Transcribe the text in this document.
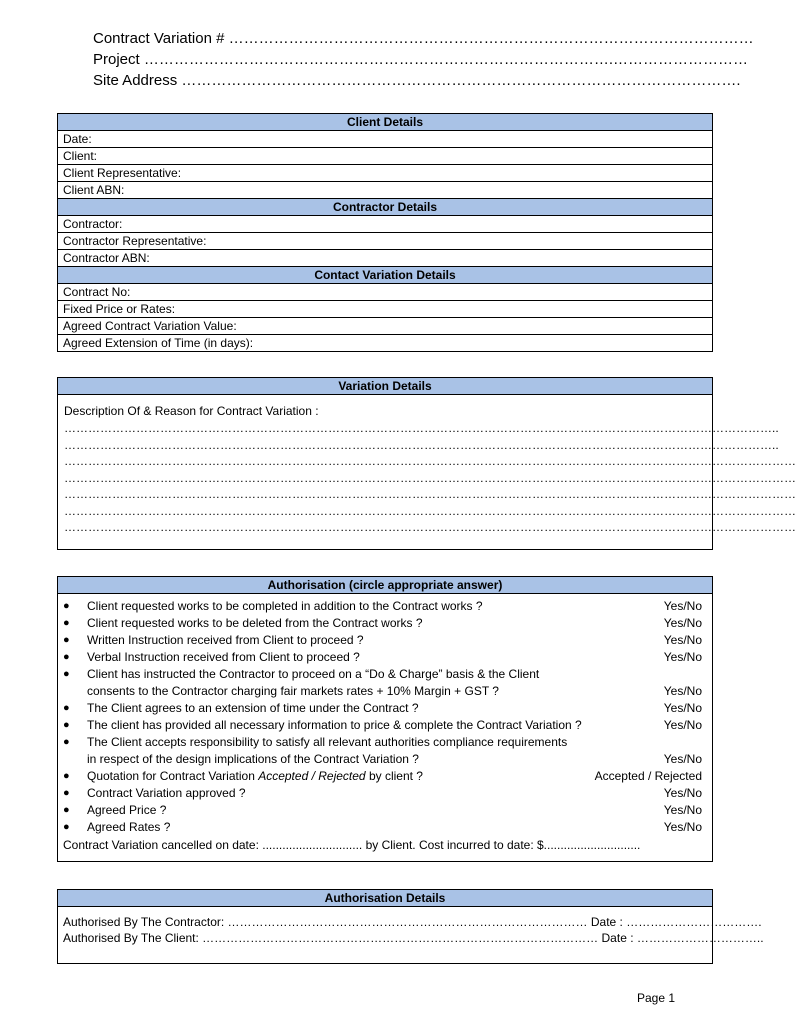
Contract Variation # ……………………………………………………………………………………………
Project ………………………………………………………………………………….………………………
Site Address ………………………………………………………………………………………………….
Client Details
Date:
Client:
Client Representative:
Client ABN:
Contractor Details
Contractor:
Contractor Representative:
Contractor ABN:
Contact Variation Details
Contract No:
Fixed Price or Rates:
Agreed Contract Variation Value:
Agreed Extension of Time (in days):
Variation Details
Description Of & Reason for Contract Variation :
……………………………………………………………………………………………………………………………………………………………..
……………………………………………………………………………………………………………………………………………………………..
…………………………………………………………………………………………………………………………………………………………………
…………………………………………………………………………………………………………………………………………………………………
…………………………………………………………………………………………………………………………………………………………………
…………………………………………………………………………………………………………………………………………………………………
…………………………………………………………………………………………………………………………………………………………………
Authorisation (circle appropriate answer)
●	Client requested works to be completed in addition to the Contract works ?	Yes/No
●	Client requested works to be deleted from the Contract works ?	Yes/No
●	Written Instruction received from Client to proceed ?	Yes/No
●	Verbal Instruction received from Client to proceed ?	Yes/No
●	Client has instructed the Contractor to proceed on a “Do & Charge” basis & the Client
consents to the Contractor charging fair markets rates + 10% Margin + GST ?	Yes/No
●	The Client agrees to an extension of time under the Contract ?	Yes/No
●	The client has provided all necessary information to price & complete the Contract Variation ?	Yes/No
●	The Client accepts responsibility to satisfy all relevant authorities compliance requirements
in respect of the design implications of the Contract Variation ?	Yes/No
●	Quotation for Contract Variation Accepted / Rejected by client ?	Accepted / Rejected
●	Contract Variation approved ?	Yes/No
●	Agreed Price ?	Yes/No
●	Agreed Rates ?	Yes/No
Contract Variation cancelled on date: .............................. by Client. Cost incurred to date: $.............................
Authorisation Details
Authorised By The Contractor: ……………………………………………………………………………… Date : …………………………….
Authorised By The Client: ……………………………………………………………………………………… Date : …………………………..
Page 1
